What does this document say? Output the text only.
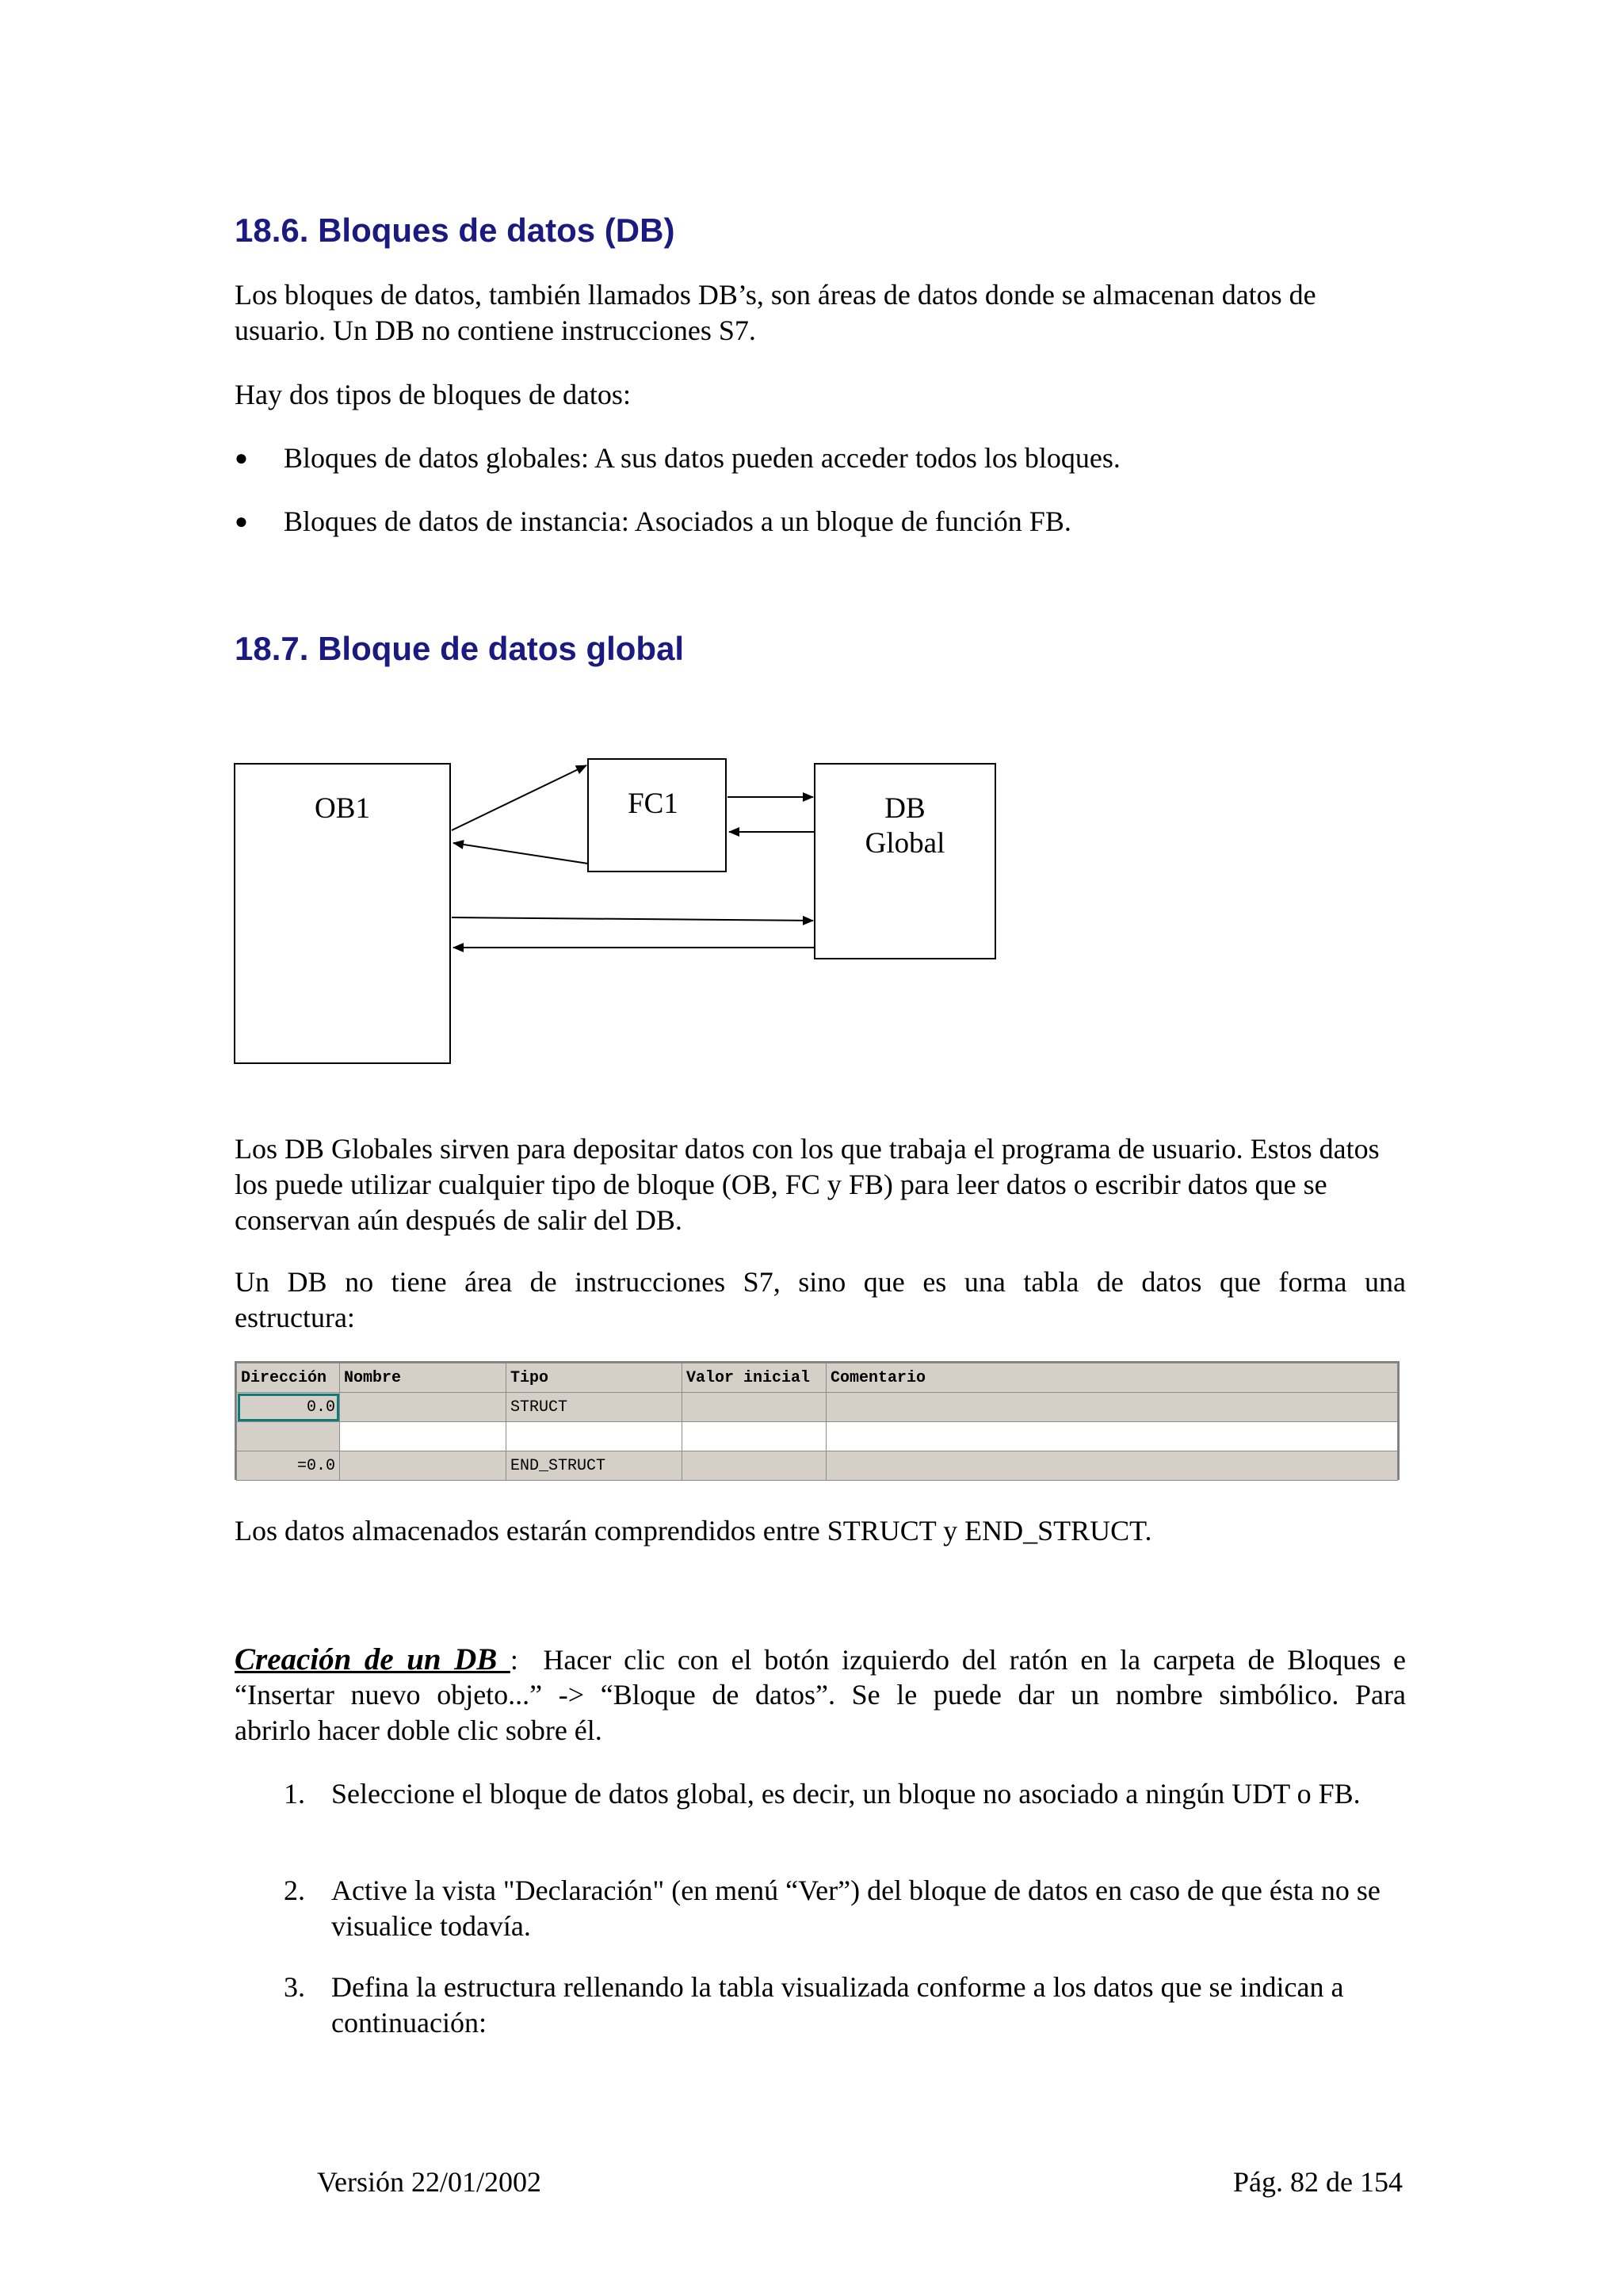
18.6. Bloques de datos (DB)

Los bloques de datos, también llamados DB’s, son áreas de datos donde se almacenan datos de usuario. Un DB no contiene instrucciones S7.

Hay dos tipos de bloques de datos:

● Bloques de datos globales: A sus datos pueden acceder todos los bloques.
● Bloques de datos de instancia: Asociados a un bloque de función FB.
18.7. Bloque de datos global
OB1	FC1	DB
Global

Los DB Globales sirven para depositar datos con los que trabaja el programa de usuario. Estos datos los puede utilizar cualquier tipo de bloque (OB, FC y FB) para leer datos o escribir datos que se conservan aún después de salir del DB.

Un DB no tiene área de instrucciones S7, sino que es una tabla de datos que forma una
estructura:
Dirección	Nombre	Tipo	Valor inicial	Comentario
0.0		STRUCT		

=0.0		END_STRUCT		

Los datos almacenados estarán comprendidos entre STRUCT y END_STRUCT.

Creación de un DB : Hacer clic con el botón izquierdo del ratón en la carpeta de Bloques e
“Insertar nuevo objeto...” -> “Bloque de datos”. Se le puede dar un nombre simbólico. Para
abrirlo hacer doble clic sobre él.
1. Seleccione el bloque de datos global, es decir, un bloque no asociado a ningún UDT o FB.
2. Active la vista "Declaración" (en menú “Ver”) del bloque de datos en caso de que ésta no se visualice todavía.
3. Defina la estructura rellenando la tabla visualizada conforme a los datos que se indican a continuación:
Versión 22/01/2002	Pág. 82 de 154
